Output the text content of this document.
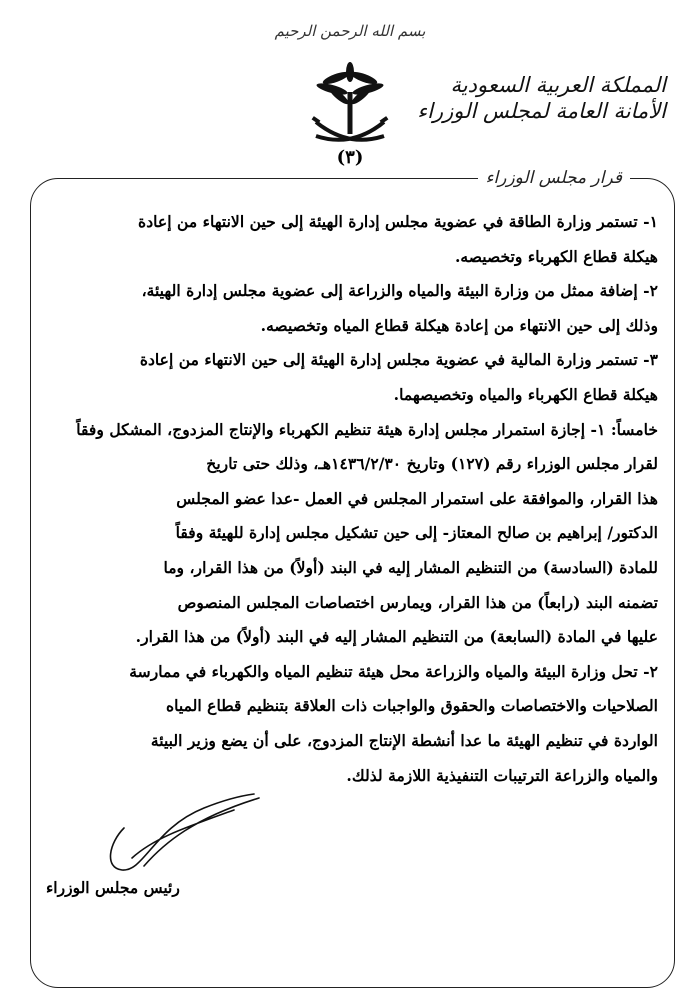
بسم الله الرحمن الرحيم
(٣)
المملكة العربية السعودية
الأمانة العامة لمجلس الوزراء
قرار مجلس الوزراء
١- تستمر وزارة الطاقة في عضوية مجلس إدارة الهيئة إلى حين الانتهاء من إعادة
هيكلة قطاع الكهرباء وتخصيصه.
٢- إضافة ممثل من وزارة البيئة والمياه والزراعة إلى عضوية مجلس إدارة الهيئة،
وذلك إلى حين الانتهاء من إعادة هيكلة قطاع المياه وتخصيصه.
٣- تستمر وزارة المالية في عضوية مجلس إدارة الهيئة إلى حين الانتهاء من إعادة
هيكلة قطاع الكهرباء والمياه وتخصيصهما.
خامساً: ١- إجازة استمرار مجلس إدارة هيئة تنظيم الكهرباء والإنتاج المزدوج، المشكل وفقاً
لقرار مجلس الوزراء رقم (١٢٧) وتاريخ ١٤٣٦/٢/٣٠هـ، وذلك حتى تاريخ
هذا القرار، والموافقة على استمرار المجلس في العمل -عدا عضو المجلس
الدكتور/ إبراهيم بن صالح المعتاز- إلى حين تشكيل مجلس إدارة للهيئة وفقاً
للمادة (السادسة) من التنظيم المشار إليه في البند (أولاً) من هذا القرار، وما
تضمنه البند (رابعاً) من هذا القرار، ويمارس اختصاصات المجلس المنصوص
عليها في المادة (السابعة) من التنظيم المشار إليه في البند (أولاً) من هذا القرار.
٢- تحل وزارة البيئة والمياه والزراعة محل هيئة تنظيم المياه والكهرباء في ممارسة
الصلاحيات والاختصاصات والحقوق والواجبات ذات العلاقة بتنظيم قطاع المياه
الواردة في تنظيم الهيئة ما عدا أنشطة الإنتاج المزدوج، على أن يضع وزير البيئة
والمياه والزراعة الترتيبات التنفيذية اللازمة لذلك.
رئيس مجلس الوزراء
